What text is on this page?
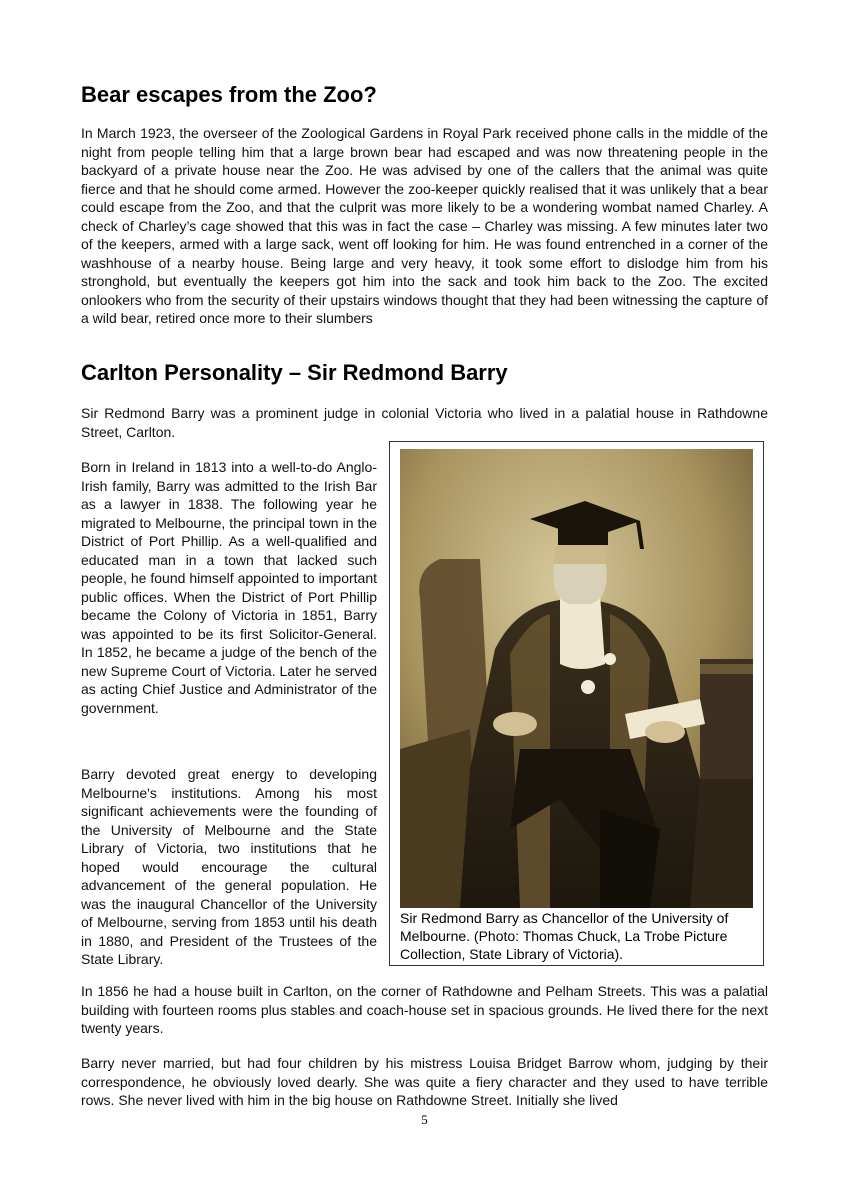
Bear escapes from the Zoo?

In March 1923, the overseer of the Zoological Gardens in Royal Park received phone calls in the middle of the night from people telling him that a large brown bear had escaped and was now threatening people in the backyard of a private house near the Zoo. He was advised by one of the callers that the animal was quite fierce and that he should come armed. However the zoo-keeper quickly realised that it was unlikely that a bear could escape from the Zoo, and that the culprit was more likely to be a wondering wombat named Charley. A check of Charley’s cage showed that this was in fact the case – Charley was missing. A few minutes later two of the keepers, armed with a large sack, went off looking for him. He was found entrenched in a corner of the washhouse of a nearby house. Being large and very heavy, it took some effort to dislodge him from his stronghold, but eventually the keepers got him into the sack and took him back to the Zoo. The excited onlookers who from the security of their upstairs windows thought that they had been witnessing the capture of a wild bear, retired once more to their slumbers

Carlton Personality – Sir Redmond Barry

Sir Redmond Barry was a prominent judge in colonial Victoria who lived in a palatial house in Rathdowne Street, Carlton.

Born in Ireland in 1813 into a well-to-do Anglo-Irish family, Barry was admitted to the Irish Bar as a lawyer in 1838. The following year he migrated to Melbourne, the principal town in the District of Port Phillip. As a well-qualified and educated man in a town that lacked such people, he found himself appointed to important public offices. When the District of Port Phillip became the Colony of Victoria in 1851, Barry was appointed to be its first Solicitor-General. In 1852, he became a judge of the bench of the new Supreme Court of Victoria. Later he served as acting Chief Justice and Administrator of the government.

Barry devoted great energy to developing Melbourne's institutions. Among his most significant achievements were the founding of the University of Melbourne and the State Library of Victoria, two institutions that he hoped would encourage the cultural advancement of the general population. He was the inaugural Chancellor of the University of Melbourne, serving from 1853 until his death in 1880, and President of the Trustees of the State Library.

Sir Redmond Barry as Chancellor of the University of Melbourne. (Photo: Thomas Chuck, La Trobe Picture Collection, State Library of Victoria).

In 1856 he had a house built in Carlton, on the corner of Rathdowne and Pelham Streets. This was a palatial building with fourteen rooms plus stables and coach-house set in spacious grounds. He lived there for the next twenty years.

Barry never married, but had four children by his mistress Louisa Bridget Barrow whom, judging by their correspondence, he obviously loved dearly. She was quite a fiery character and they used to have terrible rows. She never lived with him in the big house on Rathdowne Street. Initially she lived

5
